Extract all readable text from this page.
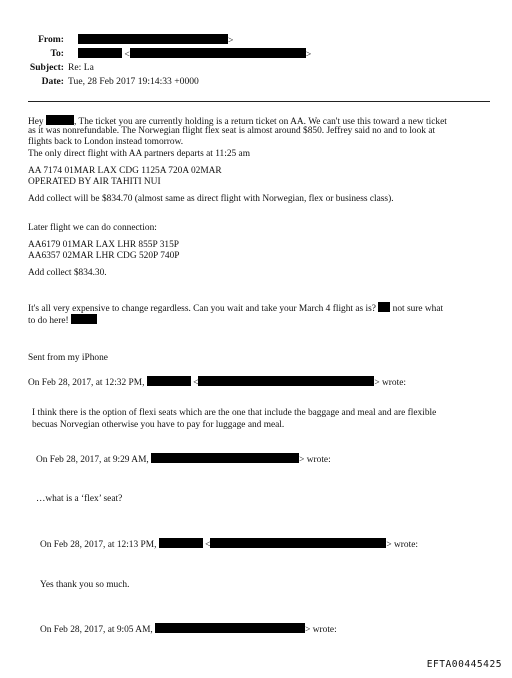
From:	>
To:	<	>
Subject: Re: La
Date: Tue, 28 Feb 2017 19:14:33 +0000
Hey	, The ticket you are currently holding is a return ticket on AA. We can't use this toward a new ticket
as it was nonrefundable. The Norwegian flight flex seat is almost around $850. Jeffrey said no and to look at
flights back to London instead tomorrow.
The only direct flight with AA partners departs at 11:25 am
AA 7174 01MAR LAX CDG 1125A 720A 02MAR
OPERATED BY AIR TAHITI NUI
Add collect will be $834.70 (almost same as direct flight with Norwegian, flex or business class).
Later flight we can do connection:
AA6179 01MAR LAX LHR 855P 315P
AA6357 02MAR LHR CDG 520P 740P
Add collect $834.30.
It's all very expensive to change regardless. Can you wait and take your March 4 flight as is? not sure what
to do here!
Sent from my iPhone
On Feb 28, 2017, at 12:32 PM,	<	> wrote:
I think there is the option of flexi seats which are the one that include the baggage and meal and are flexible
becuas Norvegian otherwise you have to pay for luggage and meal.
On Feb 28, 2017, at 9:29 AM,	> wrote:
…what is a ‘flex’ seat?
On Feb 28, 2017, at 12:13 PM,	<	> wrote:
Yes thank you so much.
On Feb 28, 2017, at 9:05 AM,	> wrote:
EFTA00445425
